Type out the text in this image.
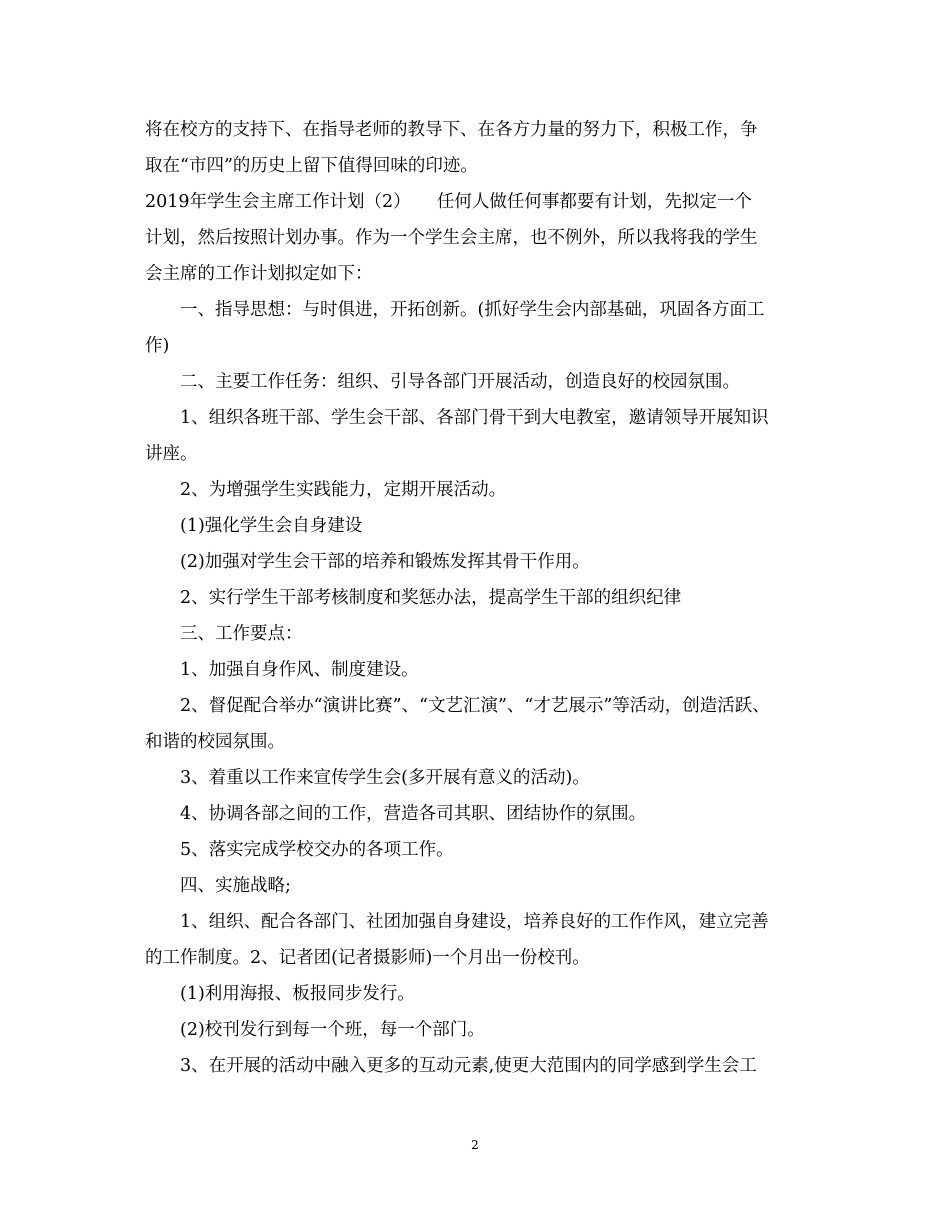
将在校方的支持下、在指导老师的教导下、在各方力量的努力下，积极工作，争
取在“市四”的历史上留下值得回味的印迹。
2019年学生会主席工作计划（2）　　任何人做任何事都要有计划，先拟定一个
计划，然后按照计划办事。作为一个学生会主席，也不例外，所以我将我的学生
会主席的工作计划拟定如下：
一、指导思想：与时俱进，开拓创新。(抓好学生会内部基础，巩固各方面工
作)
二、主要工作任务：组织、引导各部门开展活动，创造良好的校园氛围。
1、组织各班干部、学生会干部、各部门骨干到大电教室，邀请领导开展知识
讲座。
2、为增强学生实践能力，定期开展活动。
(1)强化学生会自身建设
(2)加强对学生会干部的培养和锻炼发挥其骨干作用。
2、实行学生干部考核制度和奖惩办法，提高学生干部的组织纪律
三、工作要点：
1、加强自身作风、制度建设。
2、督促配合举办“演讲比赛”、“文艺汇演”、“才艺展示”等活动，创造活跃、
和谐的校园氛围。
3、着重以工作来宣传学生会(多开展有意义的活动)。
4、协调各部之间的工作，营造各司其职、团结协作的氛围。
5、落实完成学校交办的各项工作。
四、实施战略;
1、组织、配合各部门、社团加强自身建设，培养良好的工作作风，建立完善
的工作制度。2、记者团(记者摄影师)一个月出一份校刊。
(1)利用海报、板报同步发行。
(2)校刊发行到每一个班，每一个部门。
3、在开展的活动中融入更多的互动元素,使更大范围内的同学感到学生会工
2
